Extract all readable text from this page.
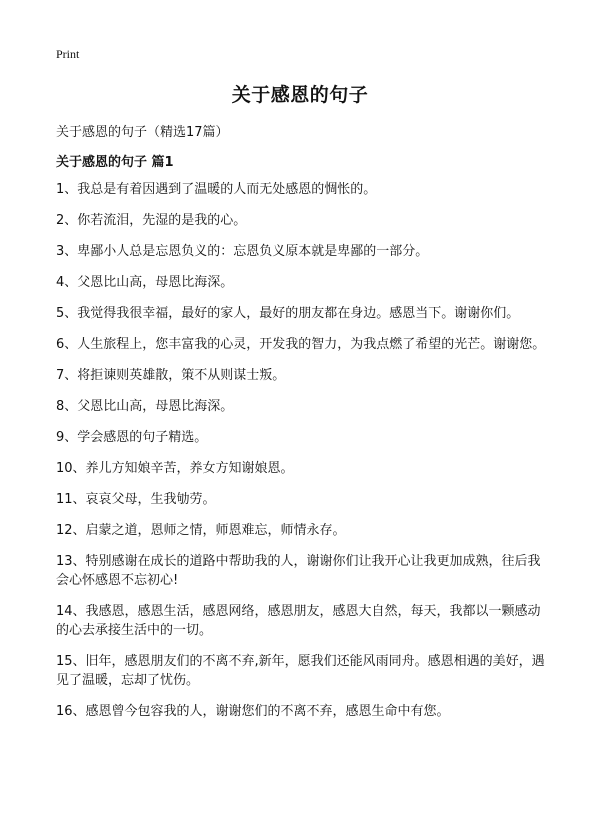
Print
关于感恩的句子
关于感恩的句子（精选17篇）
关于感恩的句子 篇1

1、我总是有着因遇到了温暖的人而无处感恩的惆怅的。

2、你若流泪，先湿的是我的心。

3、卑鄙小人总是忘恩负义的：忘恩负义原本就是卑鄙的一部分。

4、父恩比山高，母恩比海深。

5、我觉得我很幸福，最好的家人，最好的朋友都在身边。感恩当下。谢谢你们。

6、人生旅程上，您丰富我的心灵，开发我的智力，为我点燃了希望的光芒。谢谢您。

7、将拒谏则英雄散，策不从则谋士叛。

8、父恩比山高，母恩比海深。

9、学会感恩的句子精选。

10、养儿方知娘辛苦，养女方知谢娘恩。

11、哀哀父母，生我劬劳。

12、启蒙之道，恩师之情，师恩难忘，师情永存。

13、特别感谢在成长的道路中帮助我的人，谢谢你们让我开心让我更加成熟，往后我会心怀感恩不忘初心!

14、我感恩，感恩生活，感恩网络，感恩朋友，感恩大自然，每天，我都以一颗感动的心去承接生活中的一切。

15、旧年，感恩朋友们的不离不弃,新年，愿我们还能风雨同舟。感恩相遇的美好，遇见了温暖，忘却了忧伤。

16、感恩曾今包容我的人，谢谢您们的不离不弃，感恩生命中有您。
